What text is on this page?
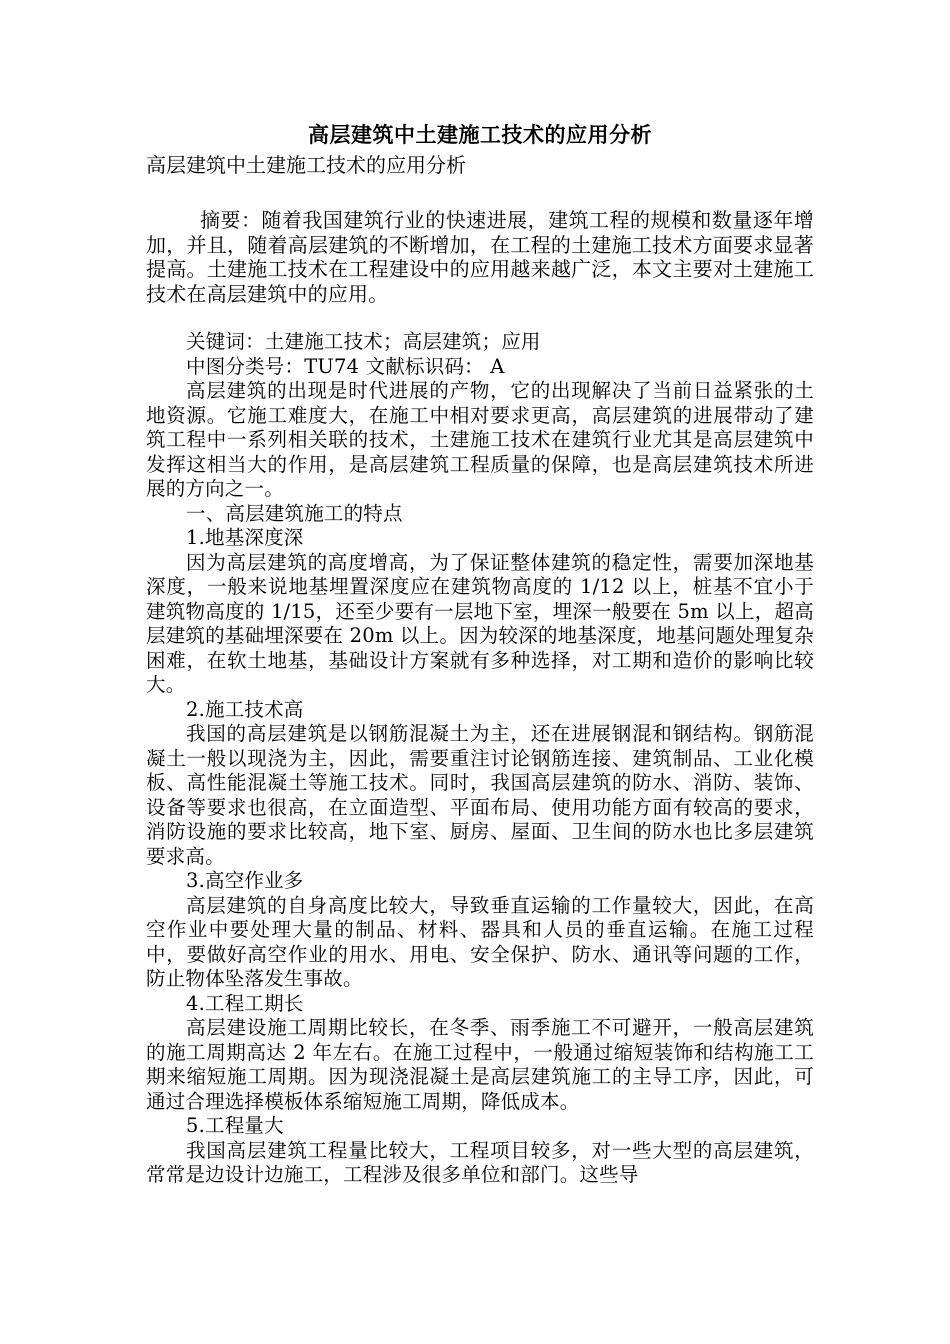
高层建筑中土建施工技术的应用分析

高层建筑中土建施工技术的应用分析

摘要：随着我国建筑行业的快速进展，建筑工程的规模和数量逐年增加，并且，随着高层建筑的不断增加，在工程的土建施工技术方面要求显著提高。土建施工技术在工程建设中的应用越来越广泛，本文主要对土建施工技术在高层建筑中的应用。

关键词：土建施工技术；高层建筑；应用

中图分类号：TU74 文献标识码： A

高层建筑的出现是时代进展的产物，它的出现解决了当前日益紧张的土地资源。它施工难度大，在施工中相对要求更高，高层建筑的进展带动了建筑工程中一系列相关联的技术，土建施工技术在建筑行业尤其是高层建筑中发挥这相当大的作用，是高层建筑工程质量的保障，也是高层建筑技术所进展的方向之一。

一、高层建筑施工的特点

1.地基深度深

因为高层建筑的高度增高，为了保证整体建筑的稳定性，需要加深地基深度，一般来说地基埋置深度应在建筑物高度的 1/12 以上，桩基不宜小于建筑物高度的 1/15，还至少要有一层地下室，埋深一般要在 5m 以上，超高层建筑的基础埋深要在 20m 以上。因为较深的地基深度，地基问题处理复杂困难，在软土地基，基础设计方案就有多种选择，对工期和造价的影响比较大。

2.施工技术高

我国的高层建筑是以钢筋混凝土为主，还在进展钢混和钢结构。钢筋混凝土一般以现浇为主，因此，需要重注讨论钢筋连接、建筑制品、工业化模板、高性能混凝土等施工技术。同时，我国高层建筑的防水、消防、装饰、设备等要求也很高，在立面造型、平面布局、使用功能方面有较高的要求，消防设施的要求比较高，地下室、厨房、屋面、卫生间的防水也比多层建筑要求高。

3.高空作业多

高层建筑的自身高度比较大，导致垂直运输的工作量较大，因此，在高空作业中要处理大量的制品、材料、器具和人员的垂直运输。在施工过程中，要做好高空作业的用水、用电、安全保护、防水、通讯等问题的工作，防止物体坠落发生事故。

4.工程工期长

高层建设施工周期比较长，在冬季、雨季施工不可避开，一般高层建筑的施工周期高达 2 年左右。在施工过程中，一般通过缩短装饰和结构施工工期来缩短施工周期。因为现浇混凝土是高层建筑施工的主导工序，因此，可通过合理选择模板体系缩短施工周期，降低成本。

5.工程量大

我国高层建筑工程量比较大，工程项目较多，对一些大型的高层建筑，常常是边设计边施工，工程涉及很多单位和部门。这些导
